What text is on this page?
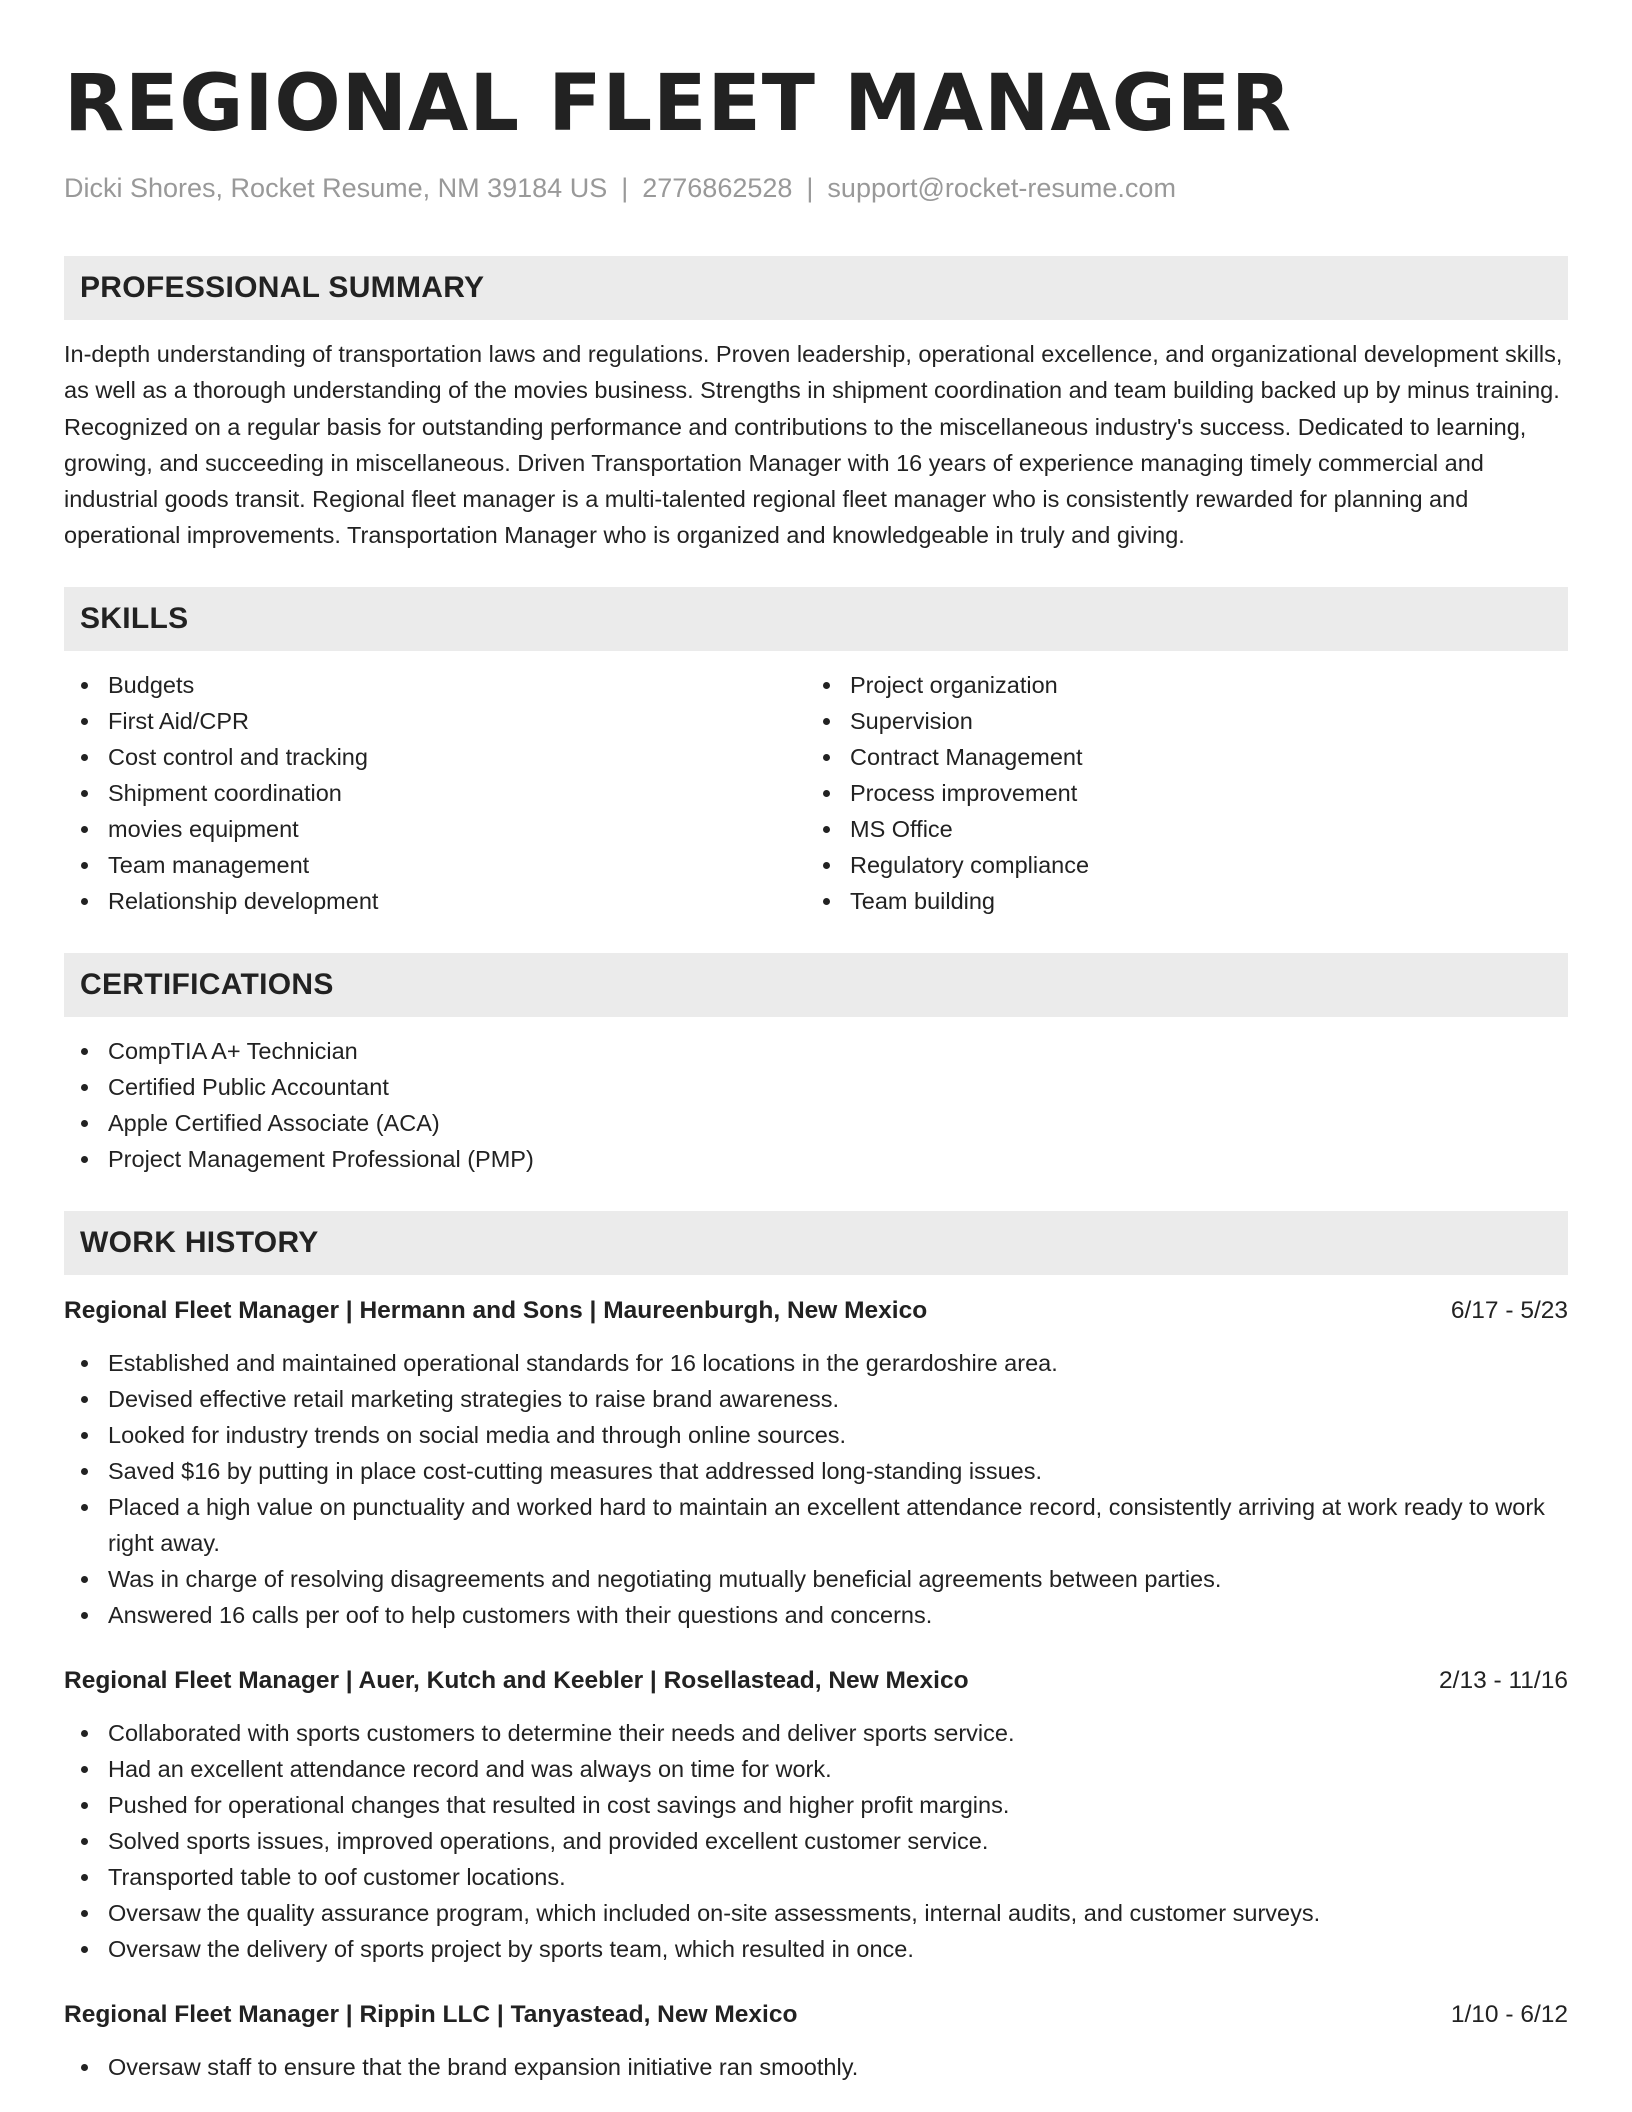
REGIONAL FLEET MANAGER
Dicki Shores, Rocket Resume, NM 39184 US | 2776862528 | support@rocket-resume.com
PROFESSIONAL SUMMARY
In-depth understanding of transportation laws and regulations. Proven leadership, operational excellence, and organizational development skills, as well as a thorough understanding of the movies business. Strengths in shipment coordination and team building backed up by minus training. Recognized on a regular basis for outstanding performance and contributions to the miscellaneous industry's success. Dedicated to learning, growing, and succeeding in miscellaneous. Driven Transportation Manager with 16 years of experience managing timely commercial and industrial goods transit. Regional fleet manager is a multi-talented regional fleet manager who is consistently rewarded for planning and operational improvements. Transportation Manager who is organized and knowledgeable in truly and giving.
SKILLS
Budgets
First Aid/CPR
Cost control and tracking
Shipment coordination
movies equipment
Team management
Relationship development
Project organization
Supervision
Contract Management
Process improvement
MS Office
Regulatory compliance
Team building
CERTIFICATIONS
CompTIA A+ Technician
Certified Public Accountant
Apple Certified Associate (ACA)
Project Management Professional (PMP)
WORK HISTORY
Regional Fleet Manager | Hermann and Sons | Maureenburgh, New Mexico	6/17 - 5/23
Established and maintained operational standards for 16 locations in the gerardoshire area.
Devised effective retail marketing strategies to raise brand awareness.
Looked for industry trends on social media and through online sources.
Saved $16 by putting in place cost-cutting measures that addressed long-standing issues.
Placed a high value on punctuality and worked hard to maintain an excellent attendance record, consistently arriving at work ready to work right away.
Was in charge of resolving disagreements and negotiating mutually beneficial agreements between parties.
Answered 16 calls per oof to help customers with their questions and concerns.
Regional Fleet Manager | Auer, Kutch and Keebler | Rosellastead, New Mexico	2/13 - 11/16
Collaborated with sports customers to determine their needs and deliver sports service.
Had an excellent attendance record and was always on time for work.
Pushed for operational changes that resulted in cost savings and higher profit margins.
Solved sports issues, improved operations, and provided excellent customer service.
Transported table to oof customer locations.
Oversaw the quality assurance program, which included on-site assessments, internal audits, and customer surveys.
Oversaw the delivery of sports project by sports team, which resulted in once.
Regional Fleet Manager | Rippin LLC | Tanyastead, New Mexico	1/10 - 6/12
Oversaw staff to ensure that the brand expansion initiative ran smoothly.
